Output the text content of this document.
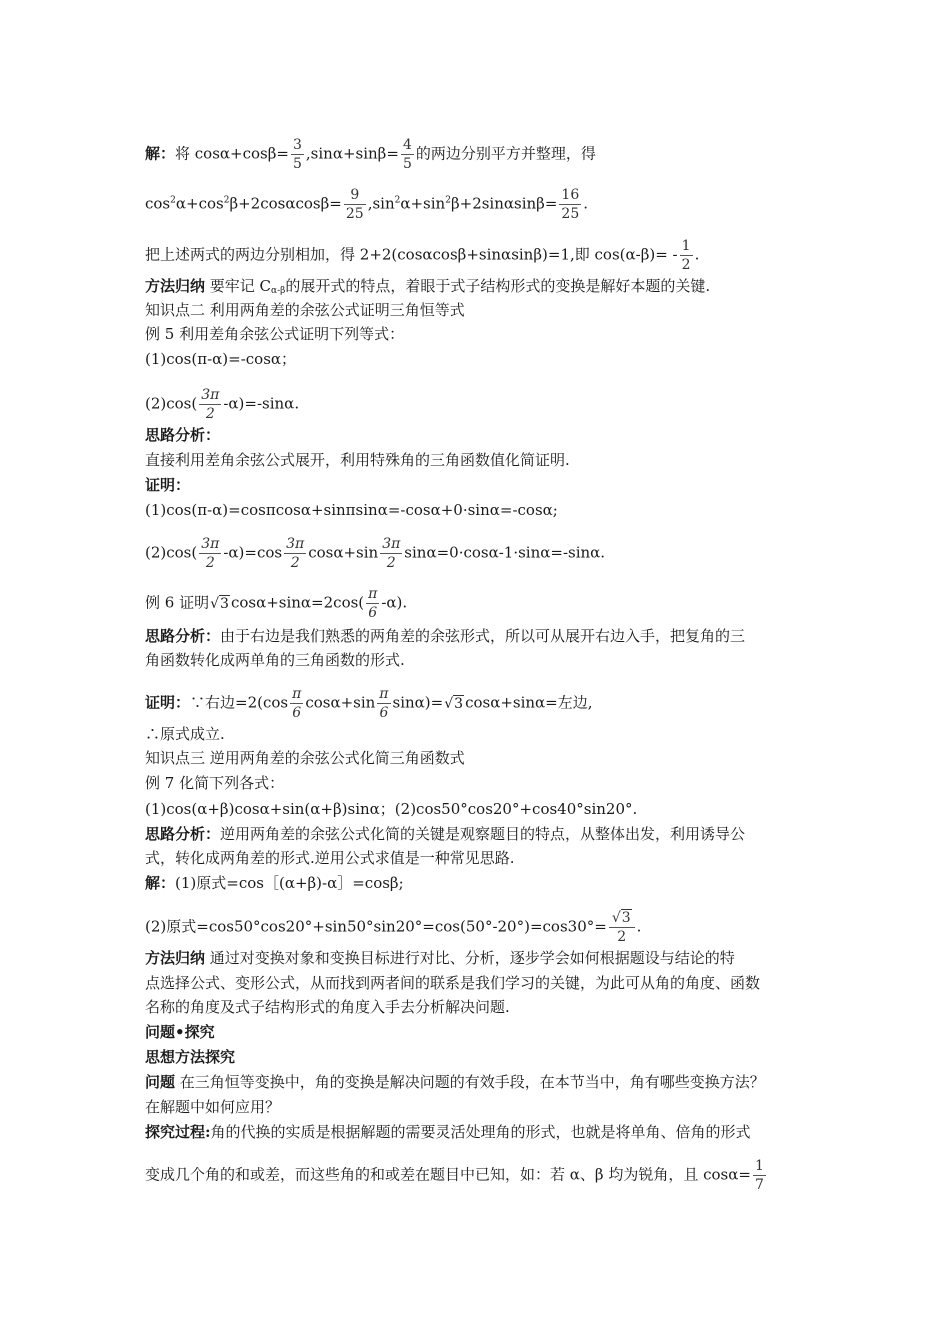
解：将 $\cos\alpha+\cos\beta= \frac{3}{5} ,\sin\alpha+\sin\beta= \frac{4}{5}$ 的两边分别平方并整理，得
$\cos^2\alpha+\cos^2\beta+2\cos\alpha\cos\beta= \frac{9}{25} ,\sin^2\alpha+\sin^2\beta+2\sin\alpha\sin\beta= \frac{16}{25}$ .
把上述两式的两边分别相加，得 2+2(cosαcosβ+sinαsinβ)=1,即 $\cos(\alpha-\beta)= - \frac{1}{2}$ .
方法归纳 要牢记 $C_{\alpha-\beta}$的展开式的特点，着眼于式子结构形式的变换是解好本题的关键.
知识点二 利用两角差的余弦公式证明三角恒等式
例 5 利用差角余弦公式证明下列等式：
(1)cos(π-α)=-cosα；
$(2)\cos( \frac{3\pi}{2} -\alpha)=-\sin\alpha$.
思路分析：
直接利用差角余弦公式展开，利用特殊角的三角函数值化简证明.
证明：
(1)cos(π-α)=cosπcosα+sinπsinα=-cosα+0·sinα=-cosα;
$(2)\cos( \frac{3\pi}{2} -\alpha)=\cos \frac{3\pi}{2} \cos\alpha+\sin \frac{3\pi}{2} \sin\alpha=0\cdot\cos\alpha-1\cdot\sin\alpha=-\sin\alpha$.
例 6 证明√3 $\cos\alpha+\sin\alpha=2\cos( \frac{\pi}{6} -\alpha)$.
思路分析：由于右边是我们熟悉的两角差的余弦形式，所以可从展开右边入手，把复角的三
角函数转化成两单角的三角函数的形式.
证明：∵右边$=2(\cos \frac{\pi}{6} \cos\alpha+\sin \frac{\pi}{6} \sin\alpha)=√3$ cosα+sinα=左边,
∴原式成立.
知识点三 逆用两角差的余弦公式化简三角函数式
例 7 化简下列各式：
(1)cos(α+β)cosα+sin(α+β)sinα；(2)cos50°cos20°+cos40°sin20°.
思路分析：逆用两角差的余弦公式化简的关键是观察题目的特点，从整体出发，利用诱导公
式，转化成两角差的形式.逆用公式求值是一种常见思路.
解：(1)原式=cos［(α+β)-α］=cosβ;
(2)原式$=\cos 50^\circ\cos 20^\circ+\sin 50^\circ\sin 20^\circ=\cos(50^\circ-20^\circ)=\cos 30^\circ= \frac{√3}{2}$ .
方法归纳 通过对变换对象和变换目标进行对比、分析，逐步学会如何根据题设与结论的特
点选择公式、变形公式，从而找到两者间的联系是我们学习的关键，为此可从角的角度、函数
名称的角度及式子结构形式的角度入手去分析解决问题.
问题•探究
思想方法探究
问题 在三角恒等变换中，角的变换是解决问题的有效手段，在本节当中，角有哪些变换方法？
在解题中如何应用？
探究过程:角的代换的实质是根据解题的需要灵活处理角的形式，也就是将单角、倍角的形式
变成几个角的和或差，而这些角的和或差在题目中已知，如：若 α、β 均为锐角，且 $\cos\alpha= \frac{1}{7}$
